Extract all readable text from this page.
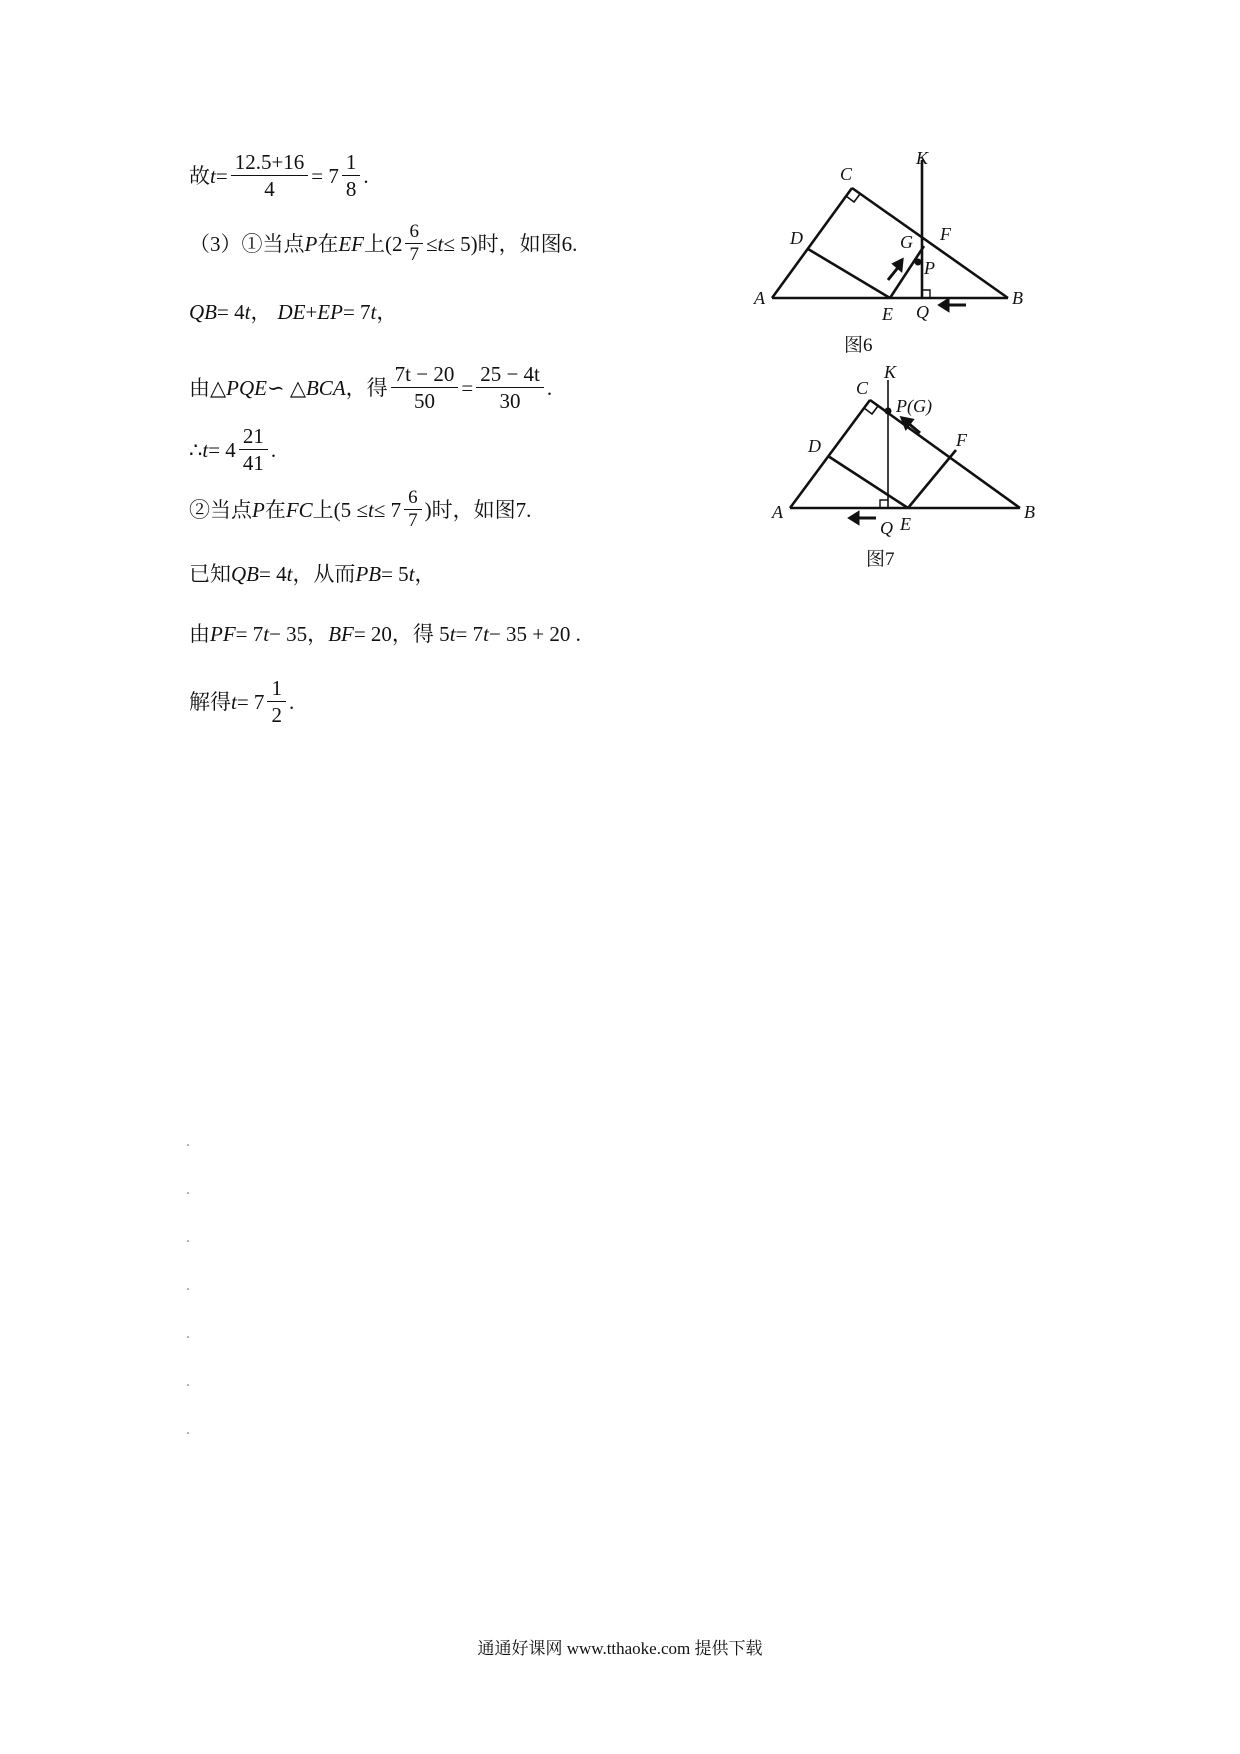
故 $t = \frac{12.5+16}{4} = 7 \frac{1}{8}$ .
（3）①当点 P 在 EF 上 $(2 \frac{6}{7} \le t \le 5)$ 时，如图6.
QB = 4 t ， DE + EP = 7 t ，
由△ PQE ∽ △ BCA ，得 $\frac{7t - 20}{50} = \frac{25 - 4t}{30}$ .
∴ $t = 4 \frac{21}{41}$ .
②当点 P 在 FC 上 ($5 \le t \le 7 \frac{6}{7}$ )时，如图7.
已知 QB = 4 t ，从而 PB = 5 t ，
由 PF = 7 t − 35， BF = 20，得 5 t = 7 t − 35 + 20 .
解得 $t = 7 \frac{1}{2}$ .
A	B
C
D
E
F
G
K
P
Q
图6
A	B
C
D
E
F
K
P(G)
Q
图7
通通好课网 www.tthaoke.com 提供下载
